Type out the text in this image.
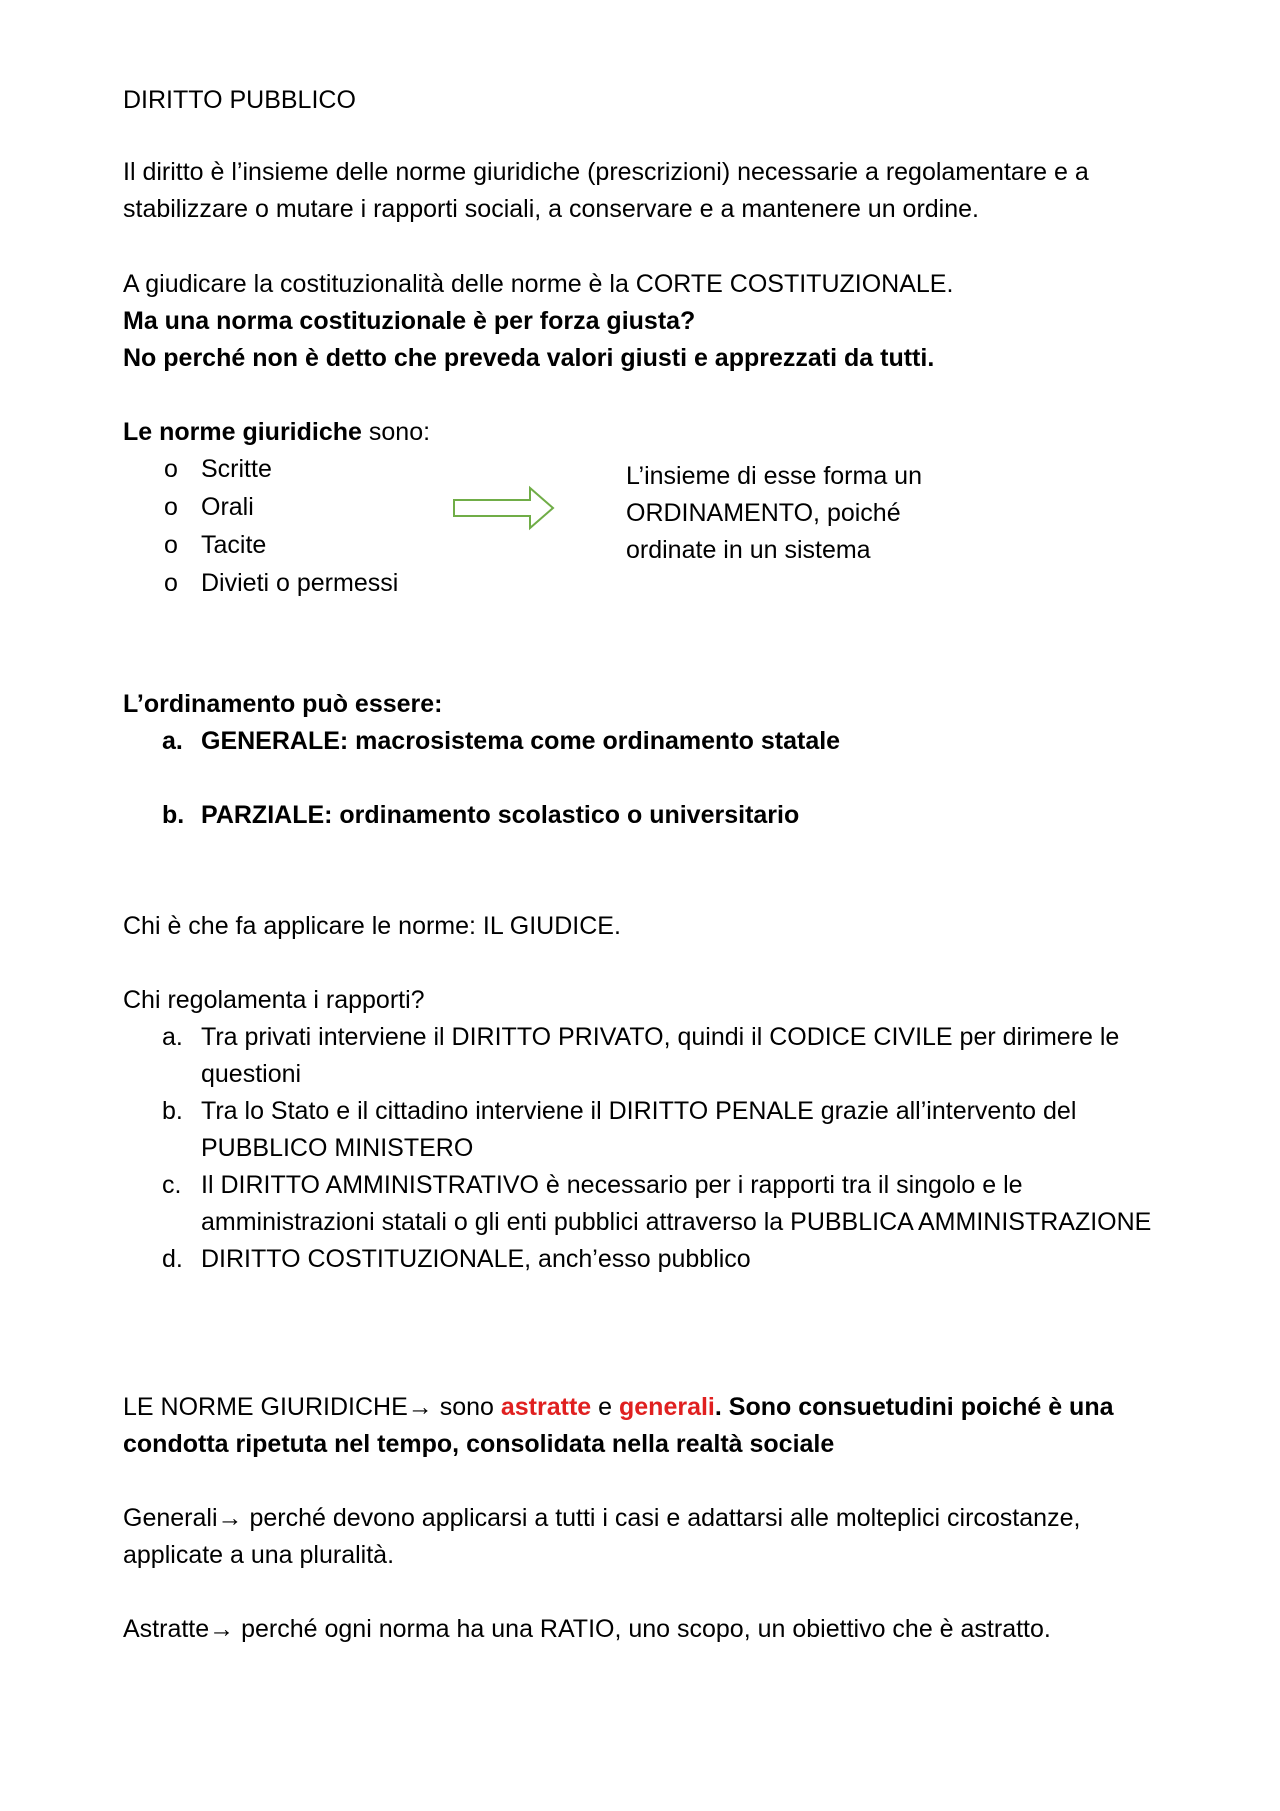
DIRITTO PUBBLICO

Il diritto è l’insieme delle norme giuridiche (prescrizioni) necessarie a regolamentare e a stabilizzare o mutare i rapporti sociali, a conservare e a mantenere un ordine.

A giudicare la costituzionalità delle norme è la CORTE COSTITUZIONALE.

Ma una norma costituzionale è per forza giusta?

No perché non è detto che preveda valori giusti e apprezzati da tutti.

Le norme giuridiche sono:

o Scritte
o Orali
o Tacite
o Divieti o permessi

L’insieme di esse forma un ORDINAMENTO, poiché ordinate in un sistema

L’ordinamento può essere:

a. GENERALE: macrosistema come ordinamento statale
b. PARZIALE: ordinamento scolastico o universitario

Chi è che fa applicare le norme: IL GIUDICE.

Chi regolamenta i rapporti?

a. Tra privati interviene il DIRITTO PRIVATO, quindi il CODICE CIVILE per dirimere le questioni
b. Tra lo Stato e il cittadino interviene il DIRITTO PENALE grazie all’intervento del PUBBLICO MINISTERO
c. Il DIRITTO AMMINISTRATIVO è necessario per i rapporti tra il singolo e le amministrazioni statali o gli enti pubblici attraverso la PUBBLICA AMMINISTRAZIONE
d. DIRITTO COSTITUZIONALE, anch’esso pubblico

LE NORME GIURIDICHE→ sono astratte e generali. Sono consuetudini poiché è una condotta ripetuta nel tempo, consolidata nella realtà sociale

Generali→ perché devono applicarsi a tutti i casi e adattarsi alle molteplici circostanze, applicate a una pluralità.

Astratte→ perché ogni norma ha una RATIO, uno scopo, un obiettivo che è astratto.
